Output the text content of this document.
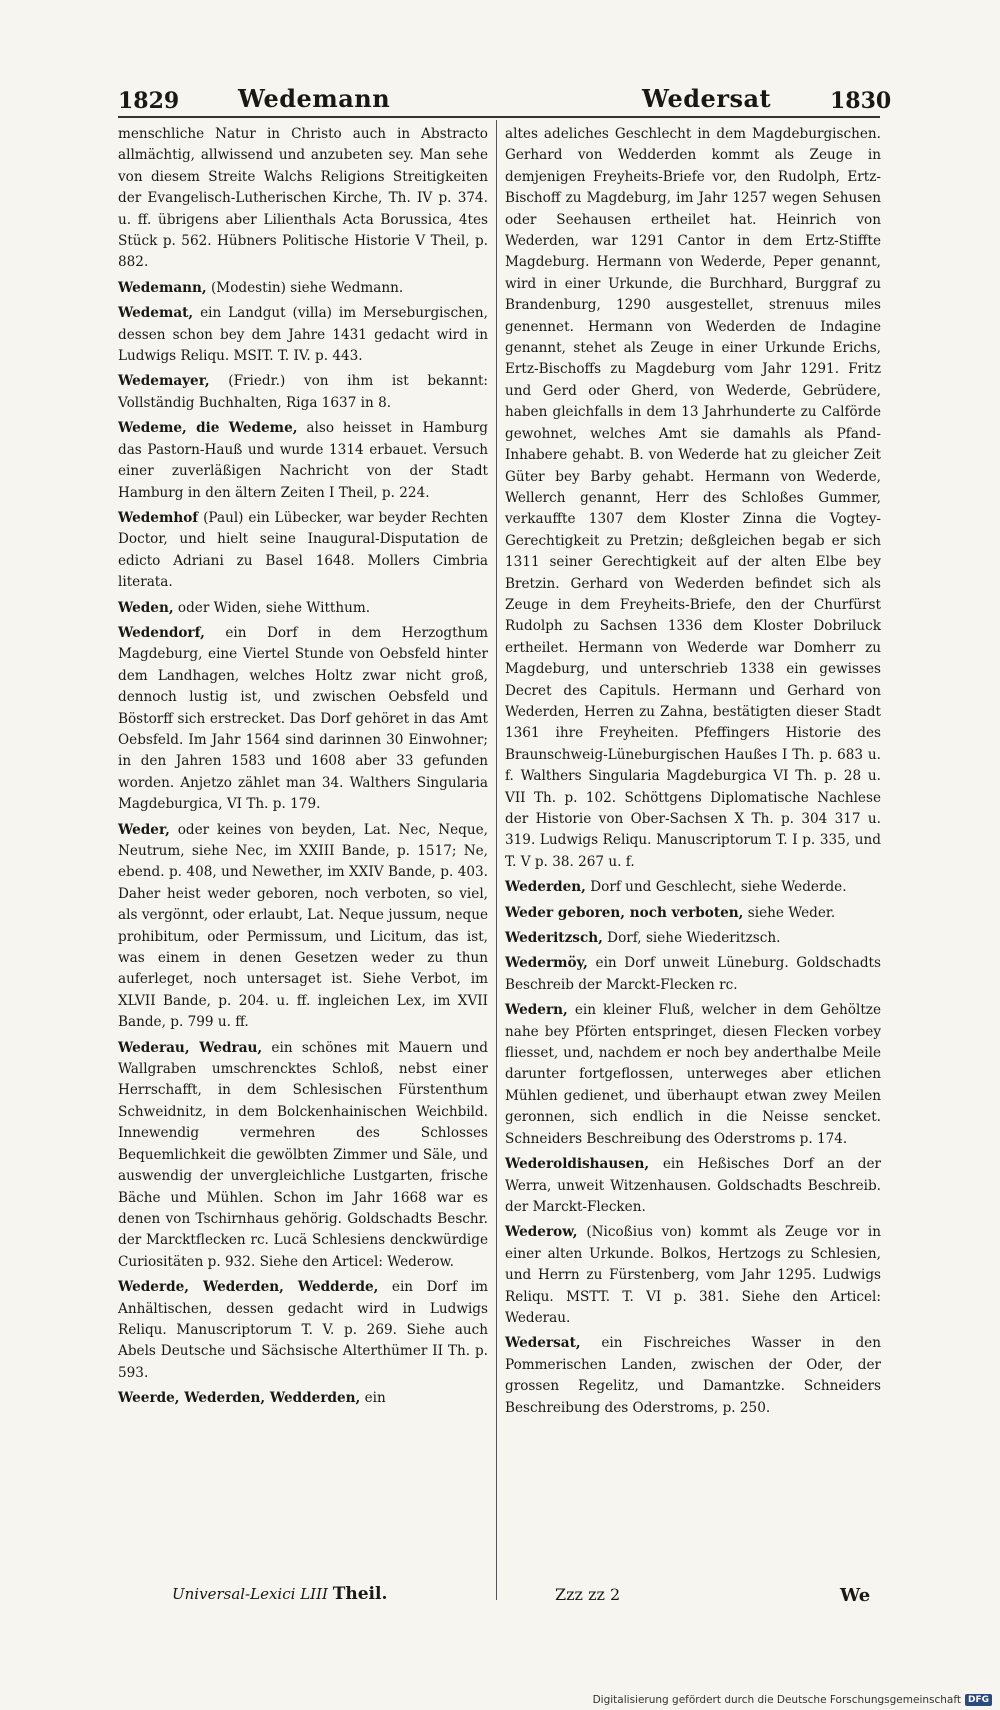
1829 Wedemann	Wedersat	1830

menschliche Natur in Christo auch in Abstracto allmächtig, allwissend und anzubeten sey. Man sehe von diesem Streite Walchs Religions Streitigkeiten der Evangelisch-Lutherischen Kirche, Th. IV p. 374. u. ff. übrigens aber Lilienthals Acta Borussica, 4tes Stück p. 562. Hübners Politische Historie V Theil, p. 882.

Wedemann, (Modestin) siehe Wedmann.

Wedemat, ein Landgut (villa) im Merseburgischen, dessen schon bey dem Jahre 1431 gedacht wird in Ludwigs Reliqu. MSIT. T. IV. p. 443.

Wedemayer, (Friedr.) von ihm ist bekannt: Vollständig Buchhalten, Riga 1637 in 8.

Wedeme, die Wedeme, also heisset in Hamburg das Pastorn-Hauß und wurde 1314 erbauet. Versuch einer zuverläßigen Nachricht von der Stadt Hamburg in den ältern Zeiten I Theil, p. 224.

Wedemhof (Paul) ein Lübecker, war beyder Rechten Doctor, und hielt seine Inaugural-Disputation de edicto Adriani zu Basel 1648. Mollers Cimbria literata.

Weden, oder Widen, siehe Witthum.

Wedendorf, ein Dorf in dem Herzogthum Magdeburg, eine Viertel Stunde von Oebsfeld hinter dem Landhagen, welches Holtz zwar nicht groß, dennoch lustig ist, und zwischen Oebsfeld und Böstorff sich erstrecket. Das Dorf gehöret in das Amt Oebsfeld. Im Jahr 1564 sind darinnen 30 Einwohner; in den Jahren 1583 und 1608 aber 33 gefunden worden. Anjetzo zählet man 34. Walthers Singularia Magdeburgica, VI Th. p. 179.

Weder, oder keines von beyden, Lat. Nec, Neque, Neutrum, siehe Nec, im XXIII Bande, p. 1517; Ne, ebend. p. 408, und Newether, im XXIV Bande, p. 403. Daher heist weder geboren, noch verboten, so viel, als vergönnt, oder erlaubt, Lat. Neque jussum, neque prohibitum, oder Permissum, und Licitum, das ist, was einem in denen Gesetzen weder zu thun auferleget, noch untersaget ist. Siehe Verbot, im XLVII Bande, p. 204. u. ff. ingleichen Lex, im XVII Bande, p. 799 u. ff.

Wederau, Wedrau, ein schönes mit Mauern und Wallgraben umschrencktes Schloß, nebst einer Herrschafft, in dem Schlesischen Fürstenthum Schweidnitz, in dem Bolckenhainischen Weichbild. Innewendig vermehren des Schlosses Bequemlichkeit die gewölbten Zimmer und Säle, und auswendig der unvergleichliche Lustgarten, frische Bäche und Mühlen. Schon im Jahr 1668 war es denen von Tschirnhaus gehörig. Goldschadts Beschr. der Marcktflecken rc. Lucä Schlesiens denckwürdige Curiositäten p. 932. Siehe den Articel: Wederow.

Wederde, Wederden, Wedderde, ein Dorf im Anhältischen, dessen gedacht wird in Ludwigs Reliqu. Manuscriptorum T. V. p. 269. Siehe auch Abels Deutsche und Sächsische Alterthümer II Th. p. 593.

Weerde, Wederden, Wedderden, ein

altes adeliches Geschlecht in dem Magdeburgischen. Gerhard von Wedderden kommt als Zeuge in demjenigen Freyheits-Briefe vor, den Rudolph, Ertz-Bischoff zu Magdeburg, im Jahr 1257 wegen Sehusen oder Seehausen ertheilet hat. Heinrich von Wederden, war 1291 Cantor in dem Ertz-Stiffte Magdeburg. Hermann von Wederde, Peper genannt, wird in einer Urkunde, die Burchhard, Burggraf zu Brandenburg, 1290 ausgestellet, strenuus miles genennet. Hermann von Wederden de Indagine genannt, stehet als Zeuge in einer Urkunde Erichs, Ertz-Bischoffs zu Magdeburg vom Jahr 1291. Fritz und Gerd oder Gherd, von Wederde, Gebrüdere, haben gleichfalls in dem 13 Jahrhunderte zu Calförde gewohnet, welches Amt sie damahls als Pfand-Inhabere gehabt. B. von Wederde hat zu gleicher Zeit Güter bey Barby gehabt. Hermann von Wederde, Wellerch genannt, Herr des Schloßes Gummer, verkauffte 1307 dem Kloster Zinna die Vogtey-Gerechtigkeit zu Pretzin; deßgleichen begab er sich 1311 seiner Gerechtigkeit auf der alten Elbe bey Bretzin. Gerhard von Wederden befindet sich als Zeuge in dem Freyheits-Briefe, den der Churfürst Rudolph zu Sachsen 1336 dem Kloster Dobriluck ertheilet. Hermann von Wederde war Domherr zu Magdeburg, und unterschrieb 1338 ein gewisses Decret des Capituls. Hermann und Gerhard von Wederden, Herren zu Zahna, bestätigten dieser Stadt 1361 ihre Freyheiten. Pfeffingers Historie des Braunschweig-Lüneburgischen Haußes I Th. p. 683 u. f. Walthers Singularia Magdeburgica VI Th. p. 28 u. VII Th. p. 102. Schöttgens Diplomatische Nachlese der Historie von Ober-Sachsen X Th. p. 304 317 u. 319. Ludwigs Reliqu. Manuscriptorum T. I p. 335, und T. V p. 38. 267 u. f.

Wederden, Dorf und Geschlecht, siehe Wederde.

Weder geboren, noch verboten, siehe Weder.

Wederitzsch, Dorf, siehe Wiederitzsch.

Wedermöy, ein Dorf unweit Lüneburg. Goldschadts Beschreib der Marckt-Flecken rc.

Wedern, ein kleiner Fluß, welcher in dem Gehöltze nahe bey Pförten entspringet, diesen Flecken vorbey fliesset, und, nachdem er noch bey anderthalbe Meile darunter fortgeflossen, unterweges aber etlichen Mühlen gedienet, und überhaupt etwan zwey Meilen geronnen, sich endlich in die Neisse sencket. Schneiders Beschreibung des Oderstroms p. 174.

Wederoldishausen, ein Heßisches Dorf an der Werra, unweit Witzenhausen. Goldschadts Beschreib. der Marckt-Flecken.

Wederow, (Nicoßius von) kommt als Zeuge vor in einer alten Urkunde. Bolkos, Hertzogs zu Schlesien, und Herrn zu Fürstenberg, vom Jahr 1295. Ludwigs Reliqu. MSTT. T. VI p. 381. Siehe den Articel: Wederau.

Wedersat, ein Fischreiches Wasser in den Pommerischen Landen, zwischen der Oder, der grossen Regelitz, und Damantzke. Schneiders Beschreibung des Oderstroms, p. 250.

Universal-Lexici LIII Theil.	Zzz zz 2	We
Digitalisierung gefördert durch die Deutsche Forschungsgemeinschaft DFG
